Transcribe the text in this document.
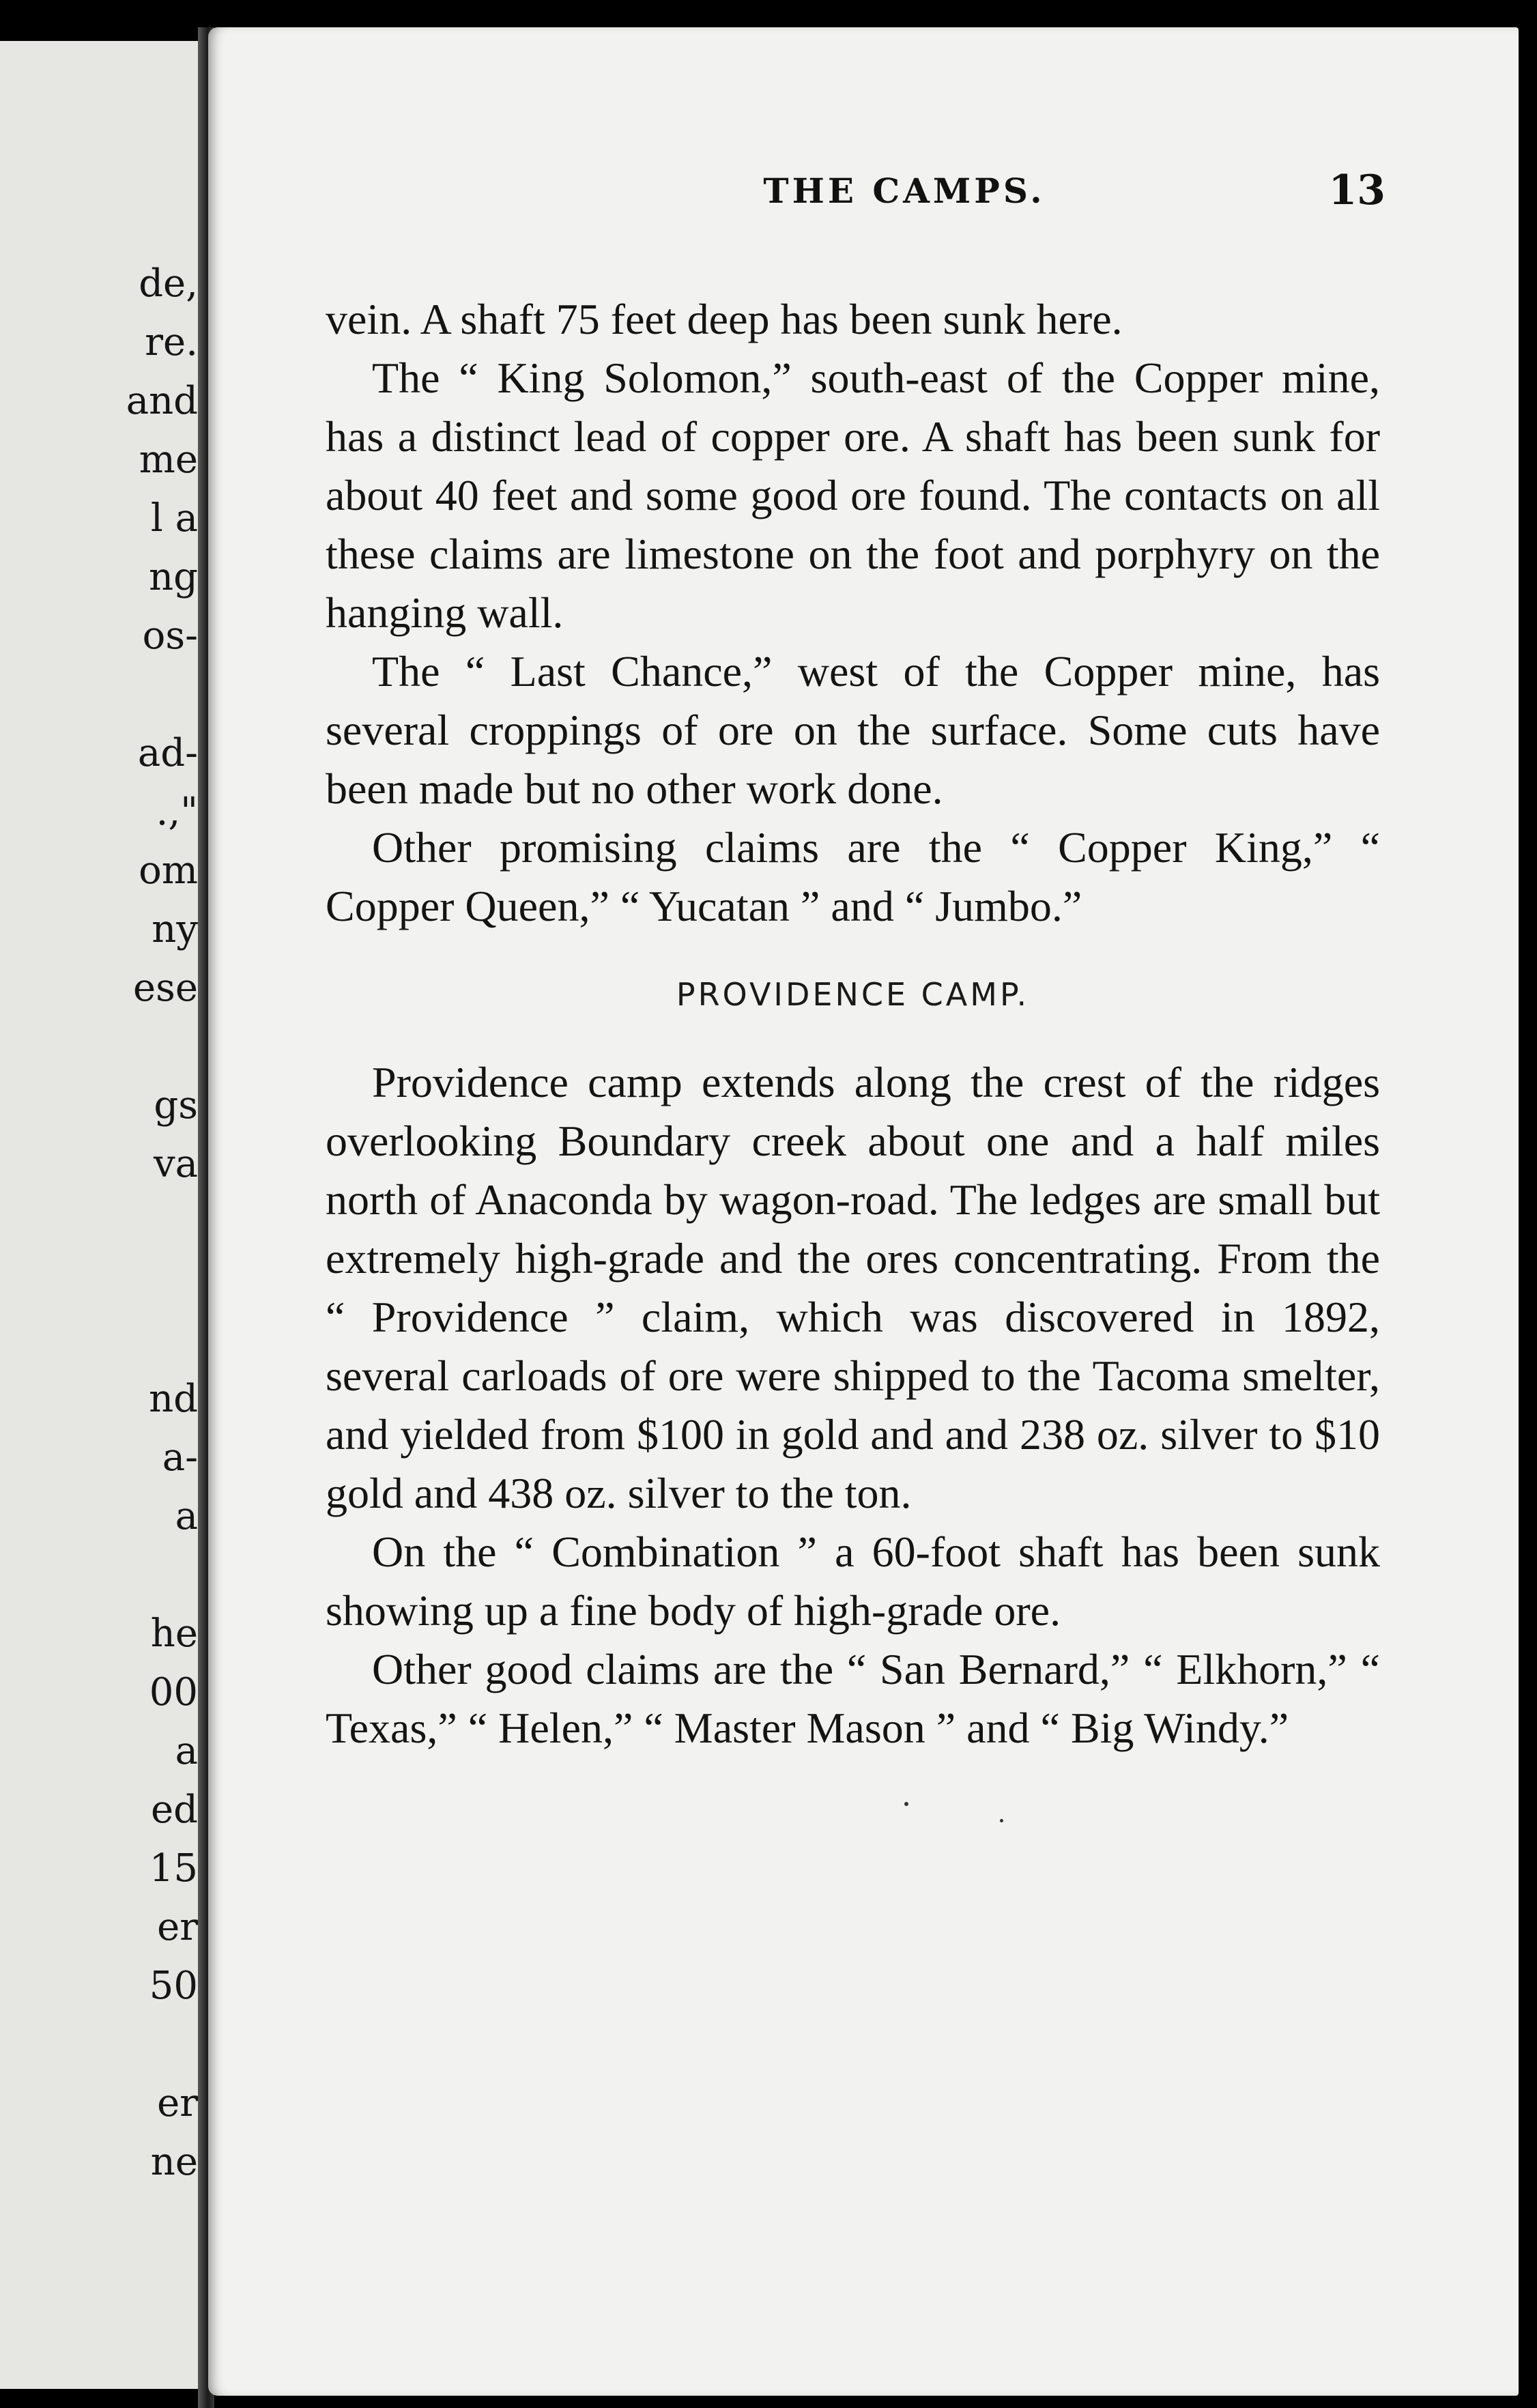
de,
re.
and
me
l a
ng
os-
ad-
.,"
om
ny
ese
gs
va
nd
a-
a
he
00
a
ed
15
er
50
er
ne
THE CAMPS.	13

vein. A shaft 75 feet deep has been sunk here.

The “ King Solomon,” south-east of the Copper mine, has a distinct lead of copper ore. A shaft has been sunk for about 40 feet and some good ore found. The contacts on all these claims are limestone on the foot and porphyry on the hanging wall.

The “ Last Chance,” west of the Copper mine, has several croppings of ore on the surface. Some cuts have been made but no other work done.

Other promising claims are the “ Copper King,” “ Copper Queen,” “ Yucatan ” and “ Jumbo.”

PROVIDENCE CAMP.

Providence camp extends along the crest of the ridges overlooking Boundary creek about one and a half miles north of Anaconda by wagon-road. The ledges are small but extremely high-grade and the ores concentrating. From the “ Providence ” claim, which was discovered in 1892, several carloads of ore were shipped to the Tacoma smelter, and yielded from $100 in gold and and 238 oz. silver to $10 gold and 438 oz. silver to the ton.

On the “ Combination ” a 60-foot shaft has been sunk showing up a fine body of high-grade ore.

Other good claims are the “ San Bernard,” “ Elkhorn,” “ Texas,” “ Helen,” “ Master Mason ” and “ Big Windy.”
